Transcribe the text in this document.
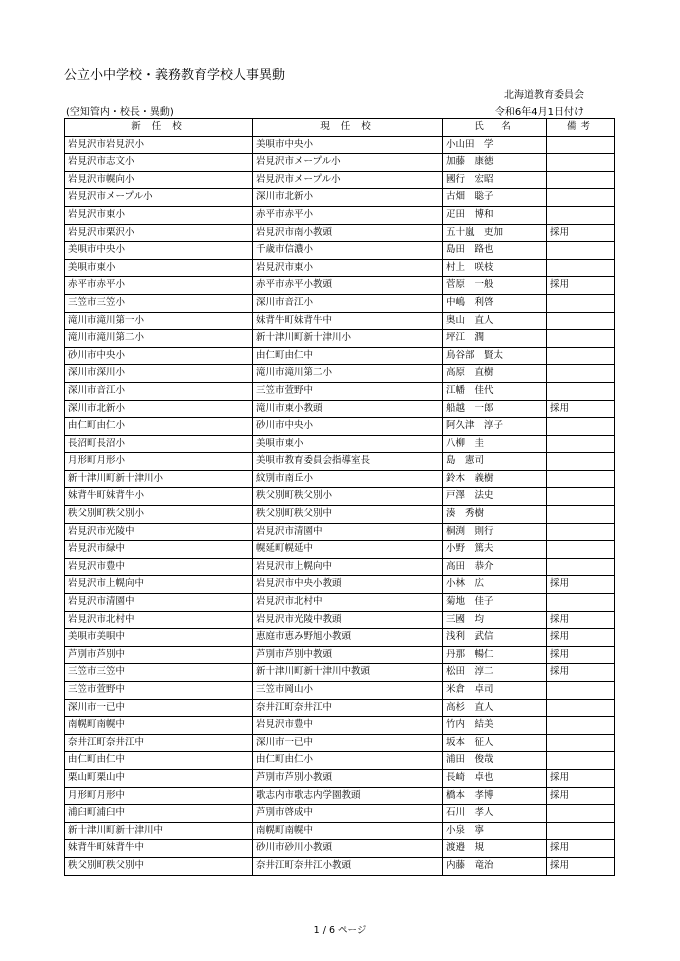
公立小中学校・義務教育学校人事異動
北海道教育委員会
(空知管内・校長・異動)	令和6年4月1日付け
新 任 校	現 任 校	氏　名	備考
岩見沢市岩見沢小	美唄市中央小	小山田　学	
岩見沢市志文小	岩見沢市メープル小	加藤　康徳	
岩見沢市幌向小	岩見沢市メープル小	國行　宏昭	
岩見沢市メープル小	深川市北新小	古畑　聡子	
岩見沢市東小	赤平市赤平小	疋田　博和	
岩見沢市栗沢小	岩見沢市南小教頭	五十嵐　吏加	採用
美唄市中央小	千歳市信濃小	島田　路也	
美唄市東小	岩見沢市東小	村上　咲枝	
赤平市赤平小	赤平市赤平小教頭	菅原　一般	採用
三笠市三笠小	深川市音江小	中嶋　利啓	
滝川市滝川第一小	妹背牛町妹背牛中	奥山　直人	
滝川市滝川第二小	新十津川町新十津川小	坪江　潤	
砂川市中央小	由仁町由仁中	鳥谷部　賢太	
深川市深川小	滝川市滝川第二小	高原　直樹	
深川市音江小	三笠市萱野中	江幡　佳代	
深川市北新小	滝川市東小教頭	船越　一郎	採用
由仁町由仁小	砂川市中央小	阿久津　淳子	
長沼町長沼小	美唄市東小	八柳　圭	
月形町月形小	美唄市教育委員会指導室長	島　憲司	
新十津川町新十津川小	紋別市南丘小	鈴木　義樹	
妹背牛町妹背牛小	秩父別町秩父別小	戸澤　法史	
秩父別町秩父別小	秩父別町秩父別中	湊　秀樹	
岩見沢市光陵中	岩見沢市清園中	桐渕　則行	
岩見沢市緑中	幌延町幌延中	小野　篤夫	
岩見沢市豊中	岩見沢市上幌向中	高田　恭介	
岩見沢市上幌向中	岩見沢市中央小教頭	小林　広	採用
岩見沢市清園中	岩見沢市北村中	菊地　佳子	
岩見沢市北村中	岩見沢市光陵中教頭	三國　均	採用
美唄市美唄中	恵庭市恵み野旭小教頭	浅利　武信	採用
芦別市芦別中	芦別市芦別中教頭	丹那　暢仁	採用
三笠市三笠中	新十津川町新十津川中教頭	松田　淳二	採用
三笠市萱野中	三笠市岡山小	米倉　卓司	
深川市一已中	奈井江町奈井江中	高杉　直人	
南幌町南幌中	岩見沢市豊中	竹内　結美	
奈井江町奈井江中	深川市一已中	坂本　征人	
由仁町由仁中	由仁町由仁小	浦田　俊哉	
栗山町栗山中	芦別市芦別小教頭	長崎　卓也	採用
月形町月形中	歌志内市歌志内学園教頭	橋本　孝博	採用
浦臼町浦臼中	芦別市啓成中	石川　孝人	
新十津川町新十津川中	南幌町南幌中	小泉　寧	
妹背牛町妹背牛中	砂川市砂川小教頭	渡邉　規	採用
秩父別町秩父別中	奈井江町奈井江小教頭	内藤　竜治	採用
1 / 6 ページ
